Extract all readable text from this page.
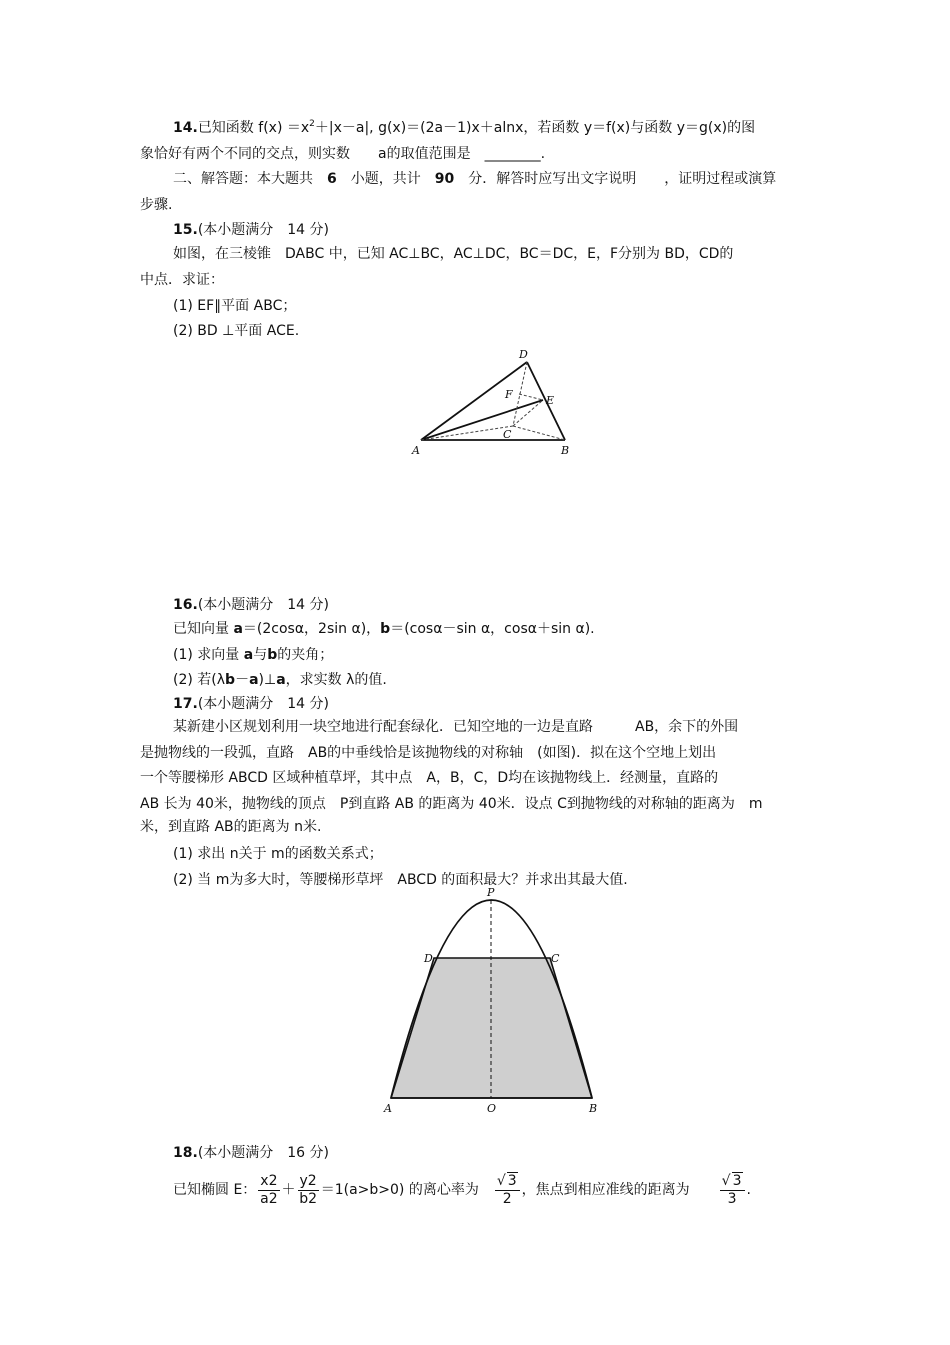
14.已知函数 $f(x) =x^2+|x-a|$, g(x)＝(2a－1)x＋alnx，若函数 y＝f(x)与函数 y＝g(x)的图
象恰好有两个不同的交点，则实数　　a的取值范围是　________.
二、解答题：本大题共　6　 小题，共计　 90　 分．解答时应写出文字说明　　，证明过程或演算
步骤.
15.(本小题满分　14 分)
如图，在三棱锥　DABC 中，已知 AC⊥BC，AC⊥DC，BC＝DC，E，F分别为 BD，CD的
中点．求证：
(1) EF∥平面 ABC；
(2) BD ⊥平面 ACE.
A	B
C
D
E
F
16.(本小题满分　14 分)
已知向量 a＝(2cosα，2sin α)，b＝(cosα－sin α，cosα＋sin α).
(1) 求向量 a与b的夹角；
(2) 若(λb－a)⊥a，求实数 λ的值.
17.(本小题满分　14 分)
某新建小区规划利用一块空地进行配套绿化．已知空地的一边是直路　　　AB，余下的外围
是抛物线的一段弧，直路　AB的中垂线恰是该抛物线的对称轴　(如图)．拟在这个空地上划出
一个等腰梯形 ABCD 区域种植草坪，其中点　A，B，C，D均在该抛物线上．经测量，直路的
AB 长为 40米，抛物线的顶点　P到直路 AB 的距离为 40米．设点 C到抛物线的对称轴的距离为　m
米，到直路 AB的距离为 n米.
(1) 求出 n关于 m的函数关系式；
(2) 当 m为多大时，等腰梯形草坪　ABCD 的面积最大？并求出其最大值.
P
D	C
A	O	B
18.(本小题满分　16 分)
已知椭圆 E： $\frac{x2}{a2} + \frac{y2}{b2} =1(a>b>0)$ 的离心率为　 $\frac{√ 3}{2}$ ，焦点到相应准线的距离为　　 $\frac{√ 3}{3}$ .
